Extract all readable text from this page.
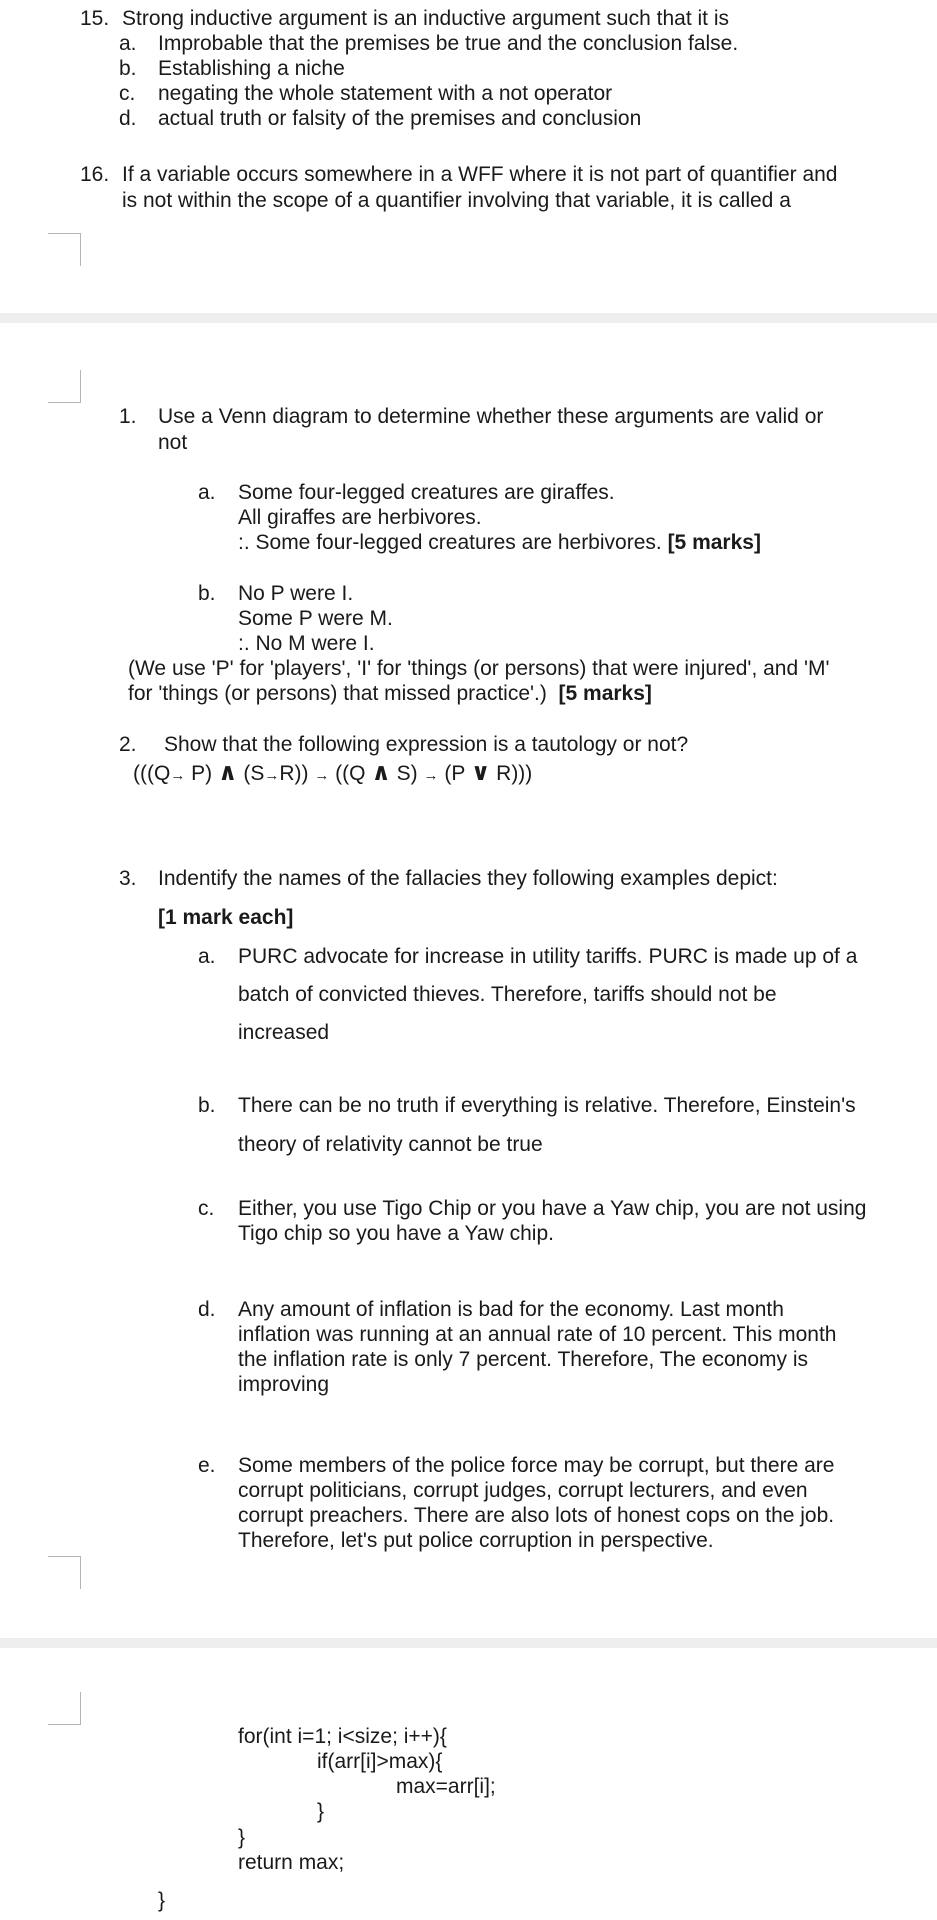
15. Strong inductive argument is an inductive argument such that it is
a. Improbable that the premises be true and the conclusion false.
b. Establishing a niche
c. negating the whole statement with a not operator
d. actual truth or falsity of the premises and conclusion
16. If a variable occurs somewhere in a WFF where it is not part of quantifier and
is not within the scope of a quantifier involving that variable, it is called a
1. Use a Venn diagram to determine whether these arguments are valid or
not
a. Some four-legged creatures are giraffes.
All giraffes are herbivores.
:. Some four-legged creatures are herbivores. [5 marks]
b. No P were I.
Some P were M.
:. No M were I.
(We use 'P' for 'players', 'I' for 'things (or persons) that were injured', and 'M'
for 'things (or persons) that missed practice'.) [5 marks]
2. Show that the following expression is a tautology or not?
(((Q→ P) ∧ (S→R)) → ((Q ∧ S) → (P ∨ R)))
3. Indentify the names of the fallacies they following examples depict:
[1 mark each]
a. PURC advocate for increase in utility tariffs. PURC is made up of a
batch of convicted thieves. Therefore, tariffs should not be
increased
b. There can be no truth if everything is relative. Therefore, Einstein's
theory of relativity cannot be true
c. Either, you use Tigo Chip or you have a Yaw chip, you are not using
Tigo chip so you have a Yaw chip.
d. Any amount of inflation is bad for the economy. Last month
inflation was running at an annual rate of 10 percent. This month
the inflation rate is only 7 percent. Therefore, The economy is
improving
e. Some members of the police force may be corrupt, but there are
corrupt politicians, corrupt judges, corrupt lecturers, and even
corrupt preachers. There are also lots of honest cops on the job.
Therefore, let's put police corruption in perspective.
for(int i=1; i<size; i++){
if(arr[i]>max){
max=arr[i];
}
}
return max;
}
